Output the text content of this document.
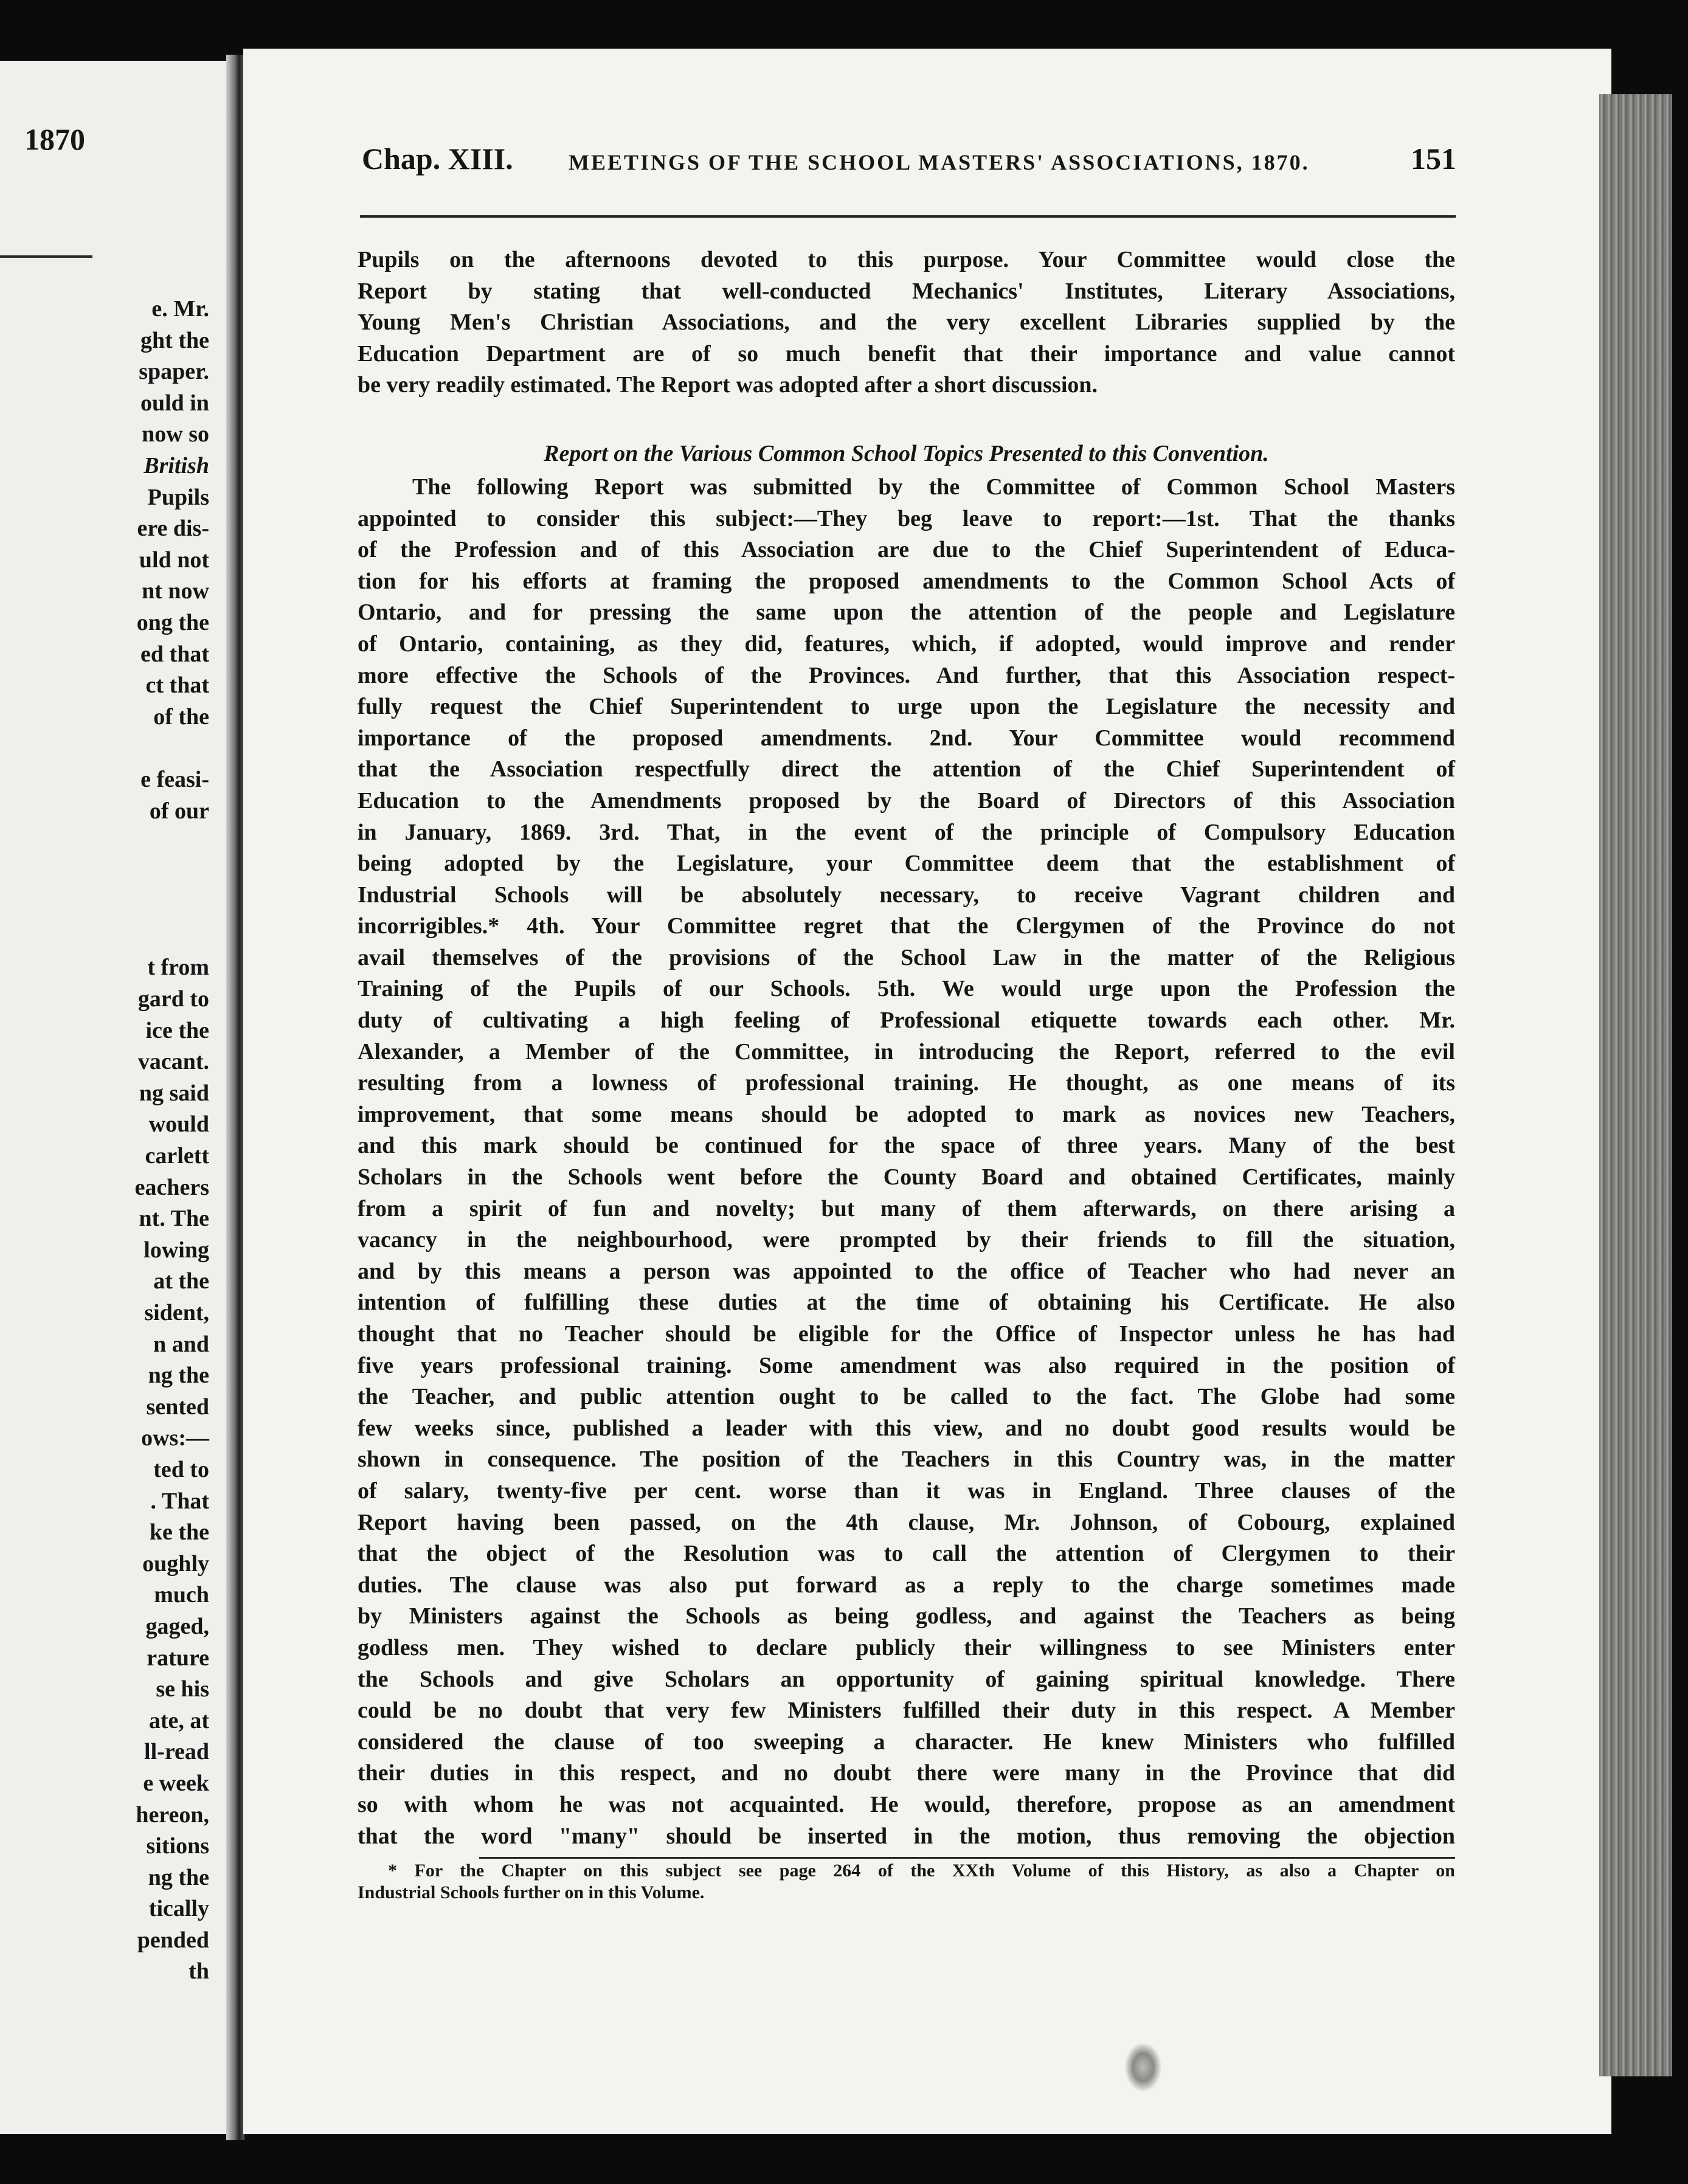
1870
e. Mr.
ght the
spaper.
ould in
now so
British
Pupils
ere dis-
uld not
nt now
ong the
ed that
ct that
of the
e feasi-
of our
t from
gard to
ice the
vacant.
ng said
would
carlett
eachers
nt. The
lowing
at the
sident,
n and
ng the
sented
ows:—
ted to
. That
ke the
oughly
much
gaged,
rature
se his
ate, at
ll-read
e week
hereon,
sitions
ng the
tically
pended
th
Chap. XIII.	MEETINGS OF THE SCHOOL MASTERS' ASSOCIATIONS, 1870.	151
Pupils on the afternoons devoted to this purpose. Your Committee would close the
Report by stating that well-conducted Mechanics' Institutes, Literary Associations,
Young Men's Christian Associations, and the very excellent Libraries supplied by the
Education Department are of so much benefit that their importance and value cannot
be very readily estimated. The Report was adopted after a short discussion.
Report on the Various Common School Topics Presented to this Convention.
The following Report was submitted by the Committee of Common School Masters
appointed to consider this subject:—They beg leave to report:—1st. That the thanks
of the Profession and of this Association are due to the Chief Superintendent of Educa-
tion for his efforts at framing the proposed amendments to the Common School Acts of
Ontario, and for pressing the same upon the attention of the people and Legislature
of Ontario, containing, as they did, features, which, if adopted, would improve and render
more effective the Schools of the Provinces. And further, that this Association respect-
fully request the Chief Superintendent to urge upon the Legislature the necessity and
importance of the proposed amendments. 2nd. Your Committee would recommend
that the Association respectfully direct the attention of the Chief Superintendent of
Education to the Amendments proposed by the Board of Directors of this Association
in January, 1869. 3rd. That, in the event of the principle of Compulsory Education
being adopted by the Legislature, your Committee deem that the establishment of
Industrial Schools will be absolutely necessary, to receive Vagrant children and
incorrigibles.* 4th. Your Committee regret that the Clergymen of the Province do not
avail themselves of the provisions of the School Law in the matter of the Religious
Training of the Pupils of our Schools. 5th. We would urge upon the Profession the
duty of cultivating a high feeling of Professional etiquette towards each other. Mr.
Alexander, a Member of the Committee, in introducing the Report, referred to the evil
resulting from a lowness of professional training. He thought, as one means of its
improvement, that some means should be adopted to mark as novices new Teachers,
and this mark should be continued for the space of three years. Many of the best
Scholars in the Schools went before the County Board and obtained Certificates, mainly
from a spirit of fun and novelty; but many of them afterwards, on there arising a
vacancy in the neighbourhood, were prompted by their friends to fill the situation,
and by this means a person was appointed to the office of Teacher who had never an
intention of fulfilling these duties at the time of obtaining his Certificate. He also
thought that no Teacher should be eligible for the Office of Inspector unless he has had
five years professional training. Some amendment was also required in the position of
the Teacher, and public attention ought to be called to the fact. The Globe had some
few weeks since, published a leader with this view, and no doubt good results would be
shown in consequence. The position of the Teachers in this Country was, in the matter
of salary, twenty-five per cent. worse than it was in England. Three clauses of the
Report having been passed, on the 4th clause, Mr. Johnson, of Cobourg, explained
that the object of the Resolution was to call the attention of Clergymen to their
duties. The clause was also put forward as a reply to the charge sometimes made
by Ministers against the Schools as being godless, and against the Teachers as being
godless men. They wished to declare publicly their willingness to see Ministers enter
the Schools and give Scholars an opportunity of gaining spiritual knowledge. There
could be no doubt that very few Ministers fulfilled their duty in this respect. A Member
considered the clause of too sweeping a character. He knew Ministers who fulfilled
their duties in this respect, and no doubt there were many in the Province that did
so with whom he was not acquainted. He would, therefore, propose as an amendment
that the word "many" should be inserted in the motion, thus removing the objection
* For the Chapter on this subject see page 264 of the XXth Volume of this History, as also a Chapter on
Industrial Schools further on in this Volume.
